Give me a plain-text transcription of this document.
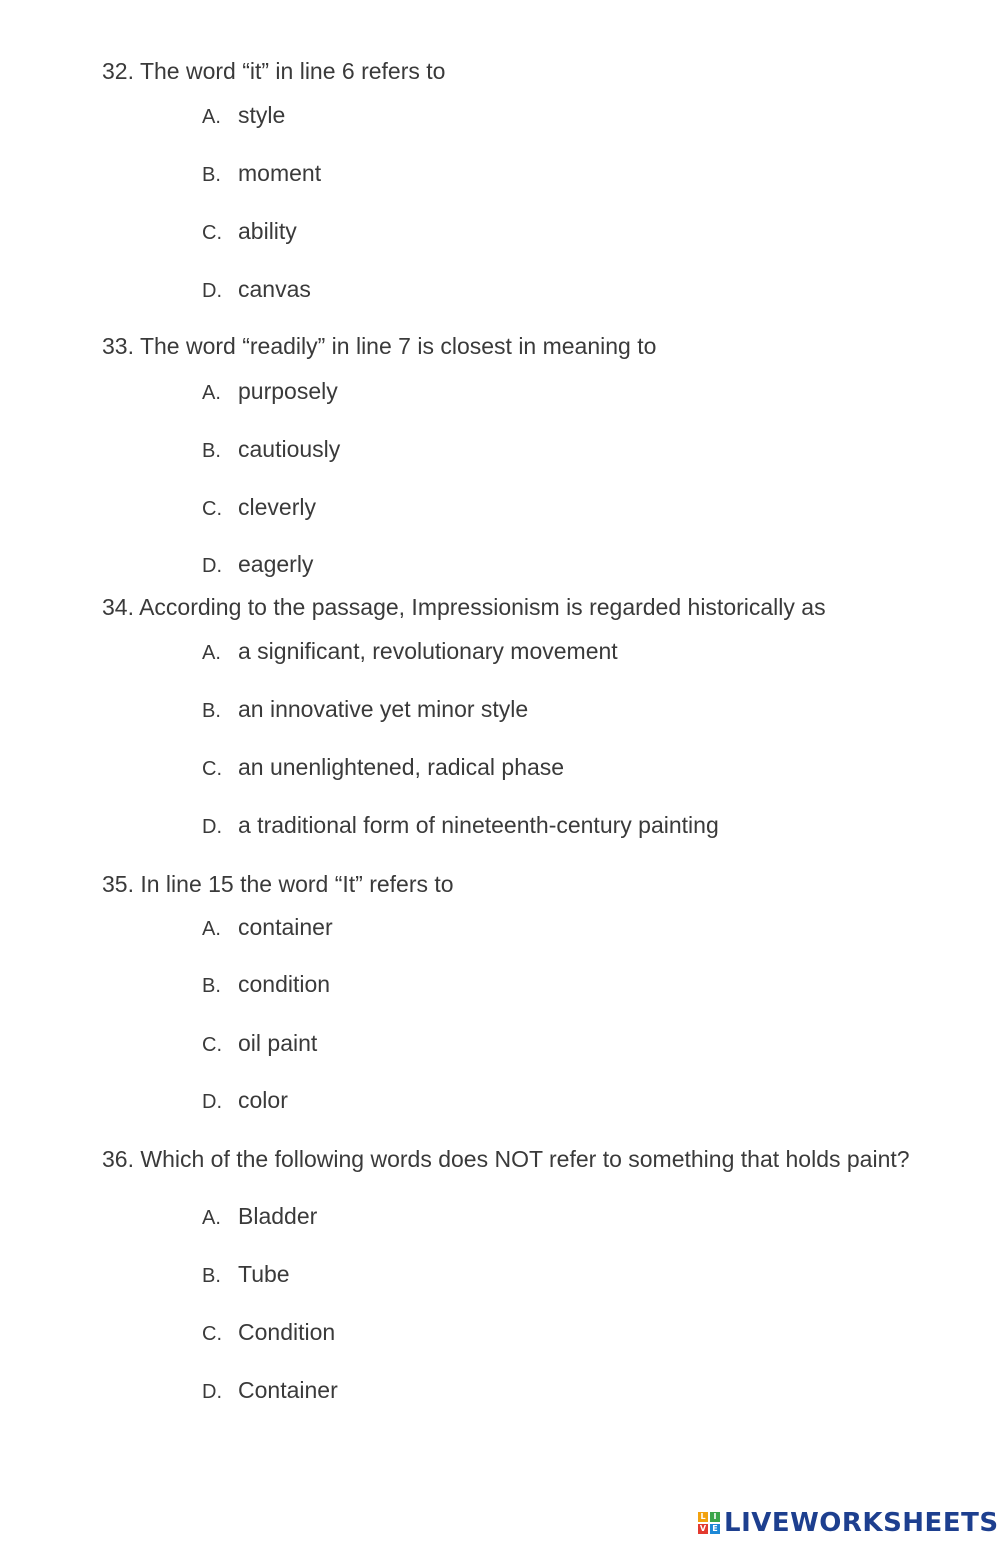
32. The word “it” in line 6 refers to
A. style
B. moment
C. ability
D. canvas
33. The word “readily” in line 7 is closest in meaning to
A. purposely
B. cautiously
C. cleverly
D. eagerly
34. According to the passage, Impressionism is regarded historically as
A. a significant, revolutionary movement
B. an innovative yet minor style
C. an unenlightened, radical phase
D. a traditional form of nineteenth-century painting
35. In line 15 the word “It” refers to
A. container
B. condition
C. oil paint
D. color
36. Which of the following words does NOT refer to something that holds paint?
A. Bladder
B. Tube
C. Condition
D. Container
L I
V E LIVEWORKSHEETS
